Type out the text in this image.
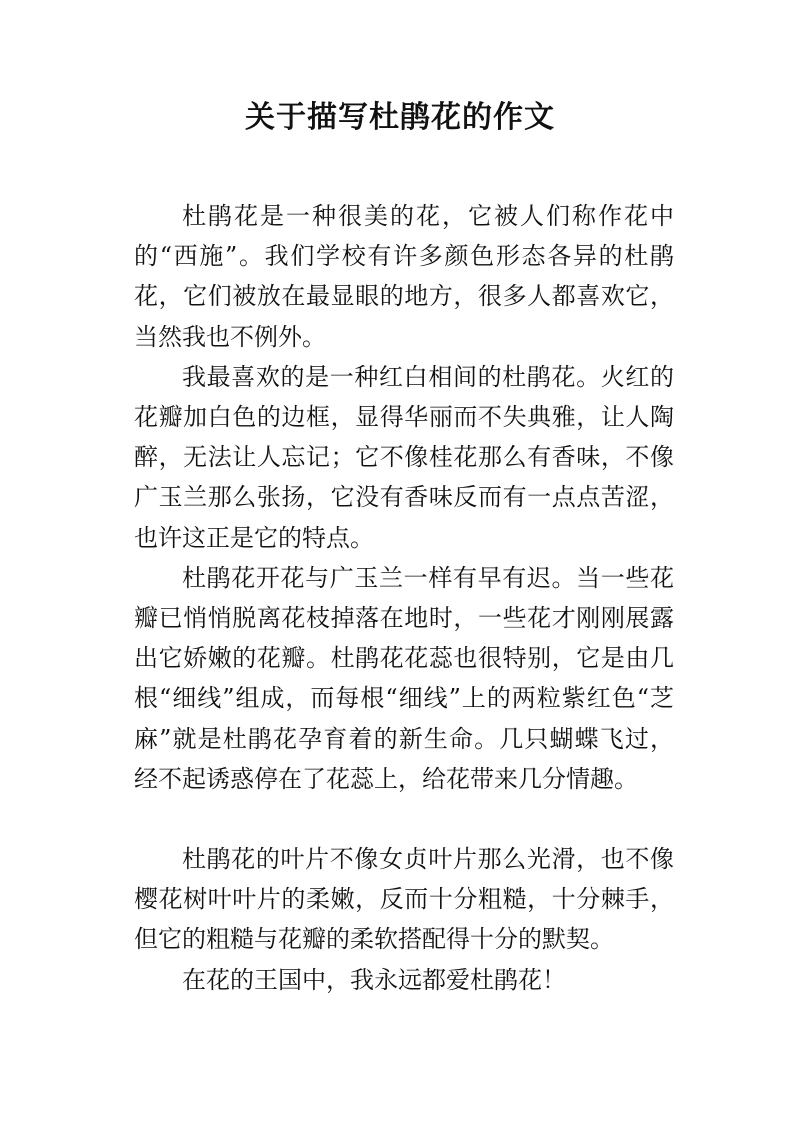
关于描写杜鹃花的作文

杜鹃花是一种很美的花，它被人们称作花中的“西施”。我们学校有许多颜色形态各异的杜鹃花，它们被放在最显眼的地方，很多人都喜欢它，当然我也不例外。

我最喜欢的是一种红白相间的杜鹃花。火红的花瓣加白色的边框，显得华丽而不失典雅，让人陶醉，无法让人忘记；它不像桂花那么有香味，不像广玉兰那么张扬，它没有香味反而有一点点苦涩，也许这正是它的特点。

杜鹃花开花与广玉兰一样有早有迟。当一些花瓣已悄悄脱离花枝掉落在地时，一些花才刚刚展露出它娇嫩的花瓣。杜鹃花花蕊也很特别，它是由几根“细线”组成，而每根“细线”上的两粒紫红色“芝麻”就是杜鹃花孕育着的新生命。几只蝴蝶飞过，经不起诱惑停在了花蕊上，给花带来几分情趣。

杜鹃花的叶片不像女贞叶片那么光滑，也不像樱花树叶叶片的柔嫩，反而十分粗糙，十分棘手，但它的粗糙与花瓣的柔软搭配得十分的默契。

在花的王国中，我永远都爱杜鹃花！
